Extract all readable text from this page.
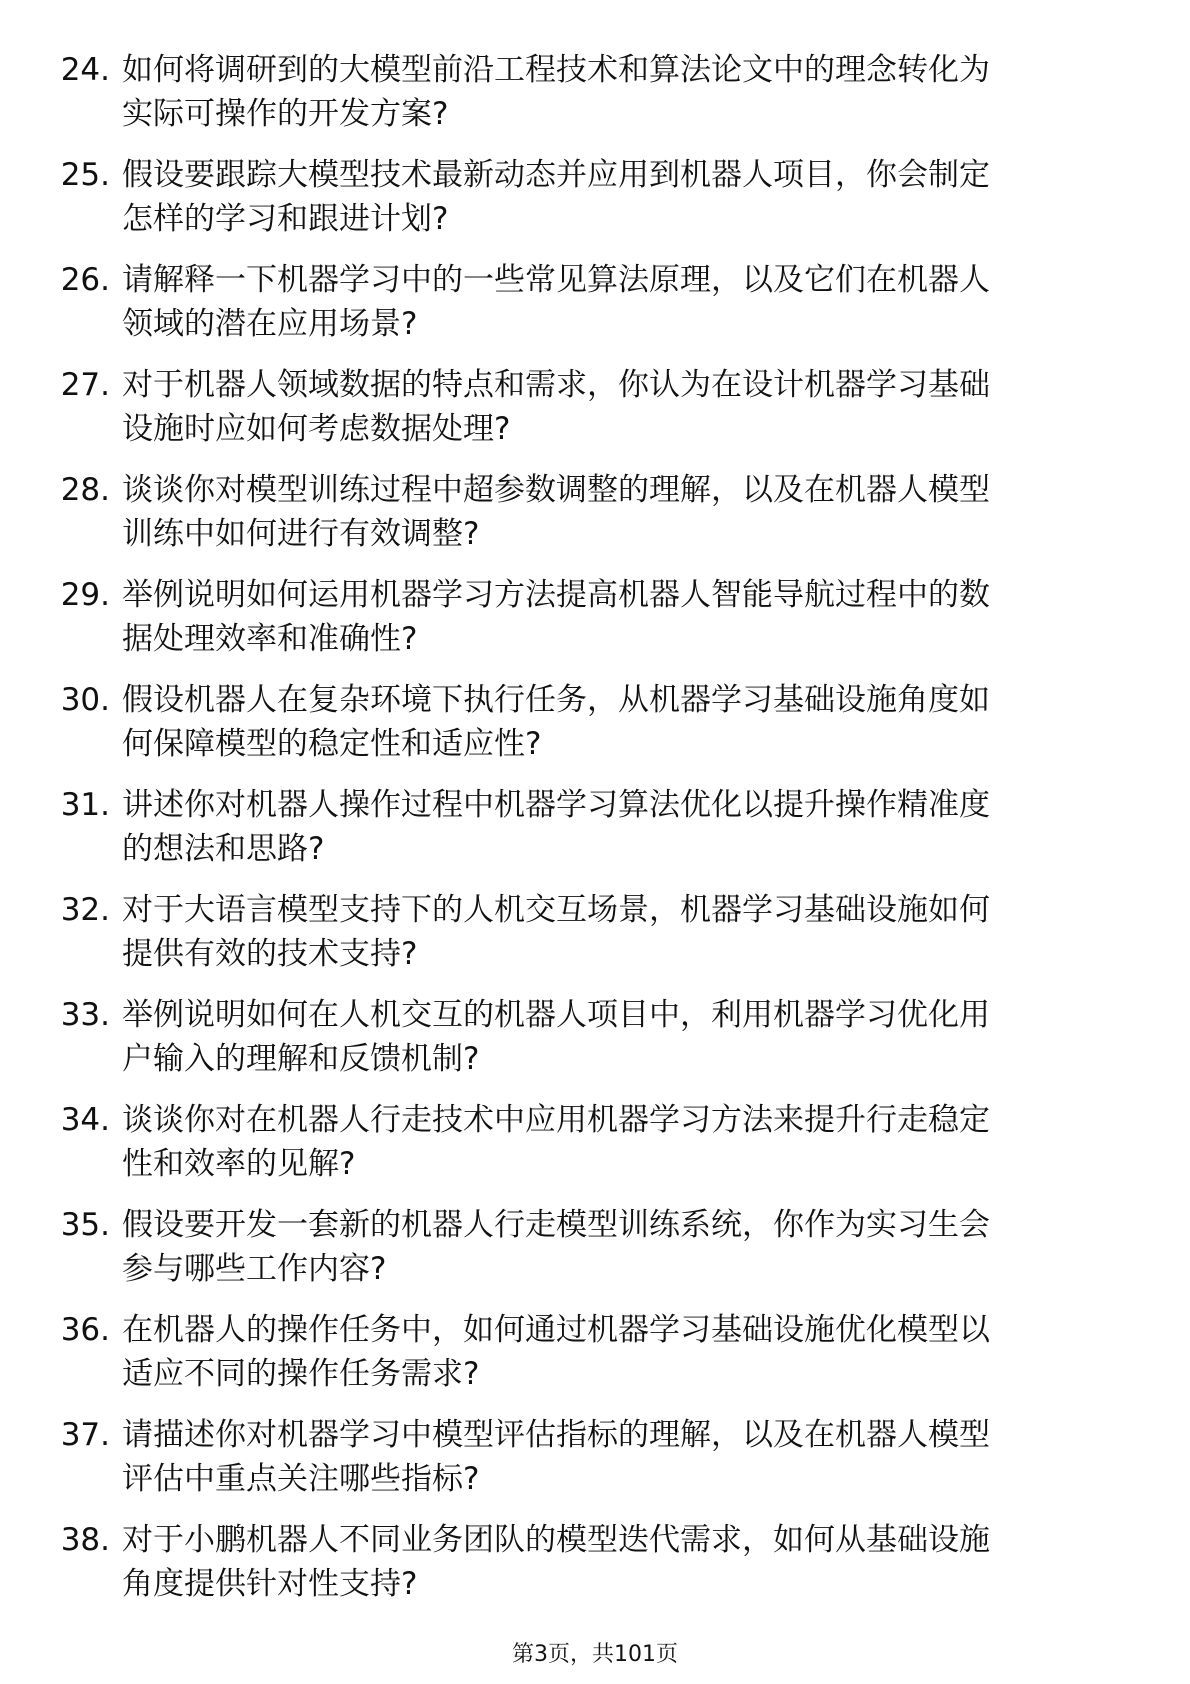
24. 如何将调研到的大模型前沿工程技术和算法论文中的理念转化为
实际可操作的开发方案?
25. 假设要跟踪大模型技术最新动态并应用到机器人项目，你会制定
怎样的学习和跟进计划?
26. 请解释一下机器学习中的一些常见算法原理，以及它们在机器人
领域的潜在应用场景?
27. 对于机器人领域数据的特点和需求，你认为在设计机器学习基础
设施时应如何考虑数据处理?
28. 谈谈你对模型训练过程中超参数调整的理解，以及在机器人模型
训练中如何进行有效调整?
29. 举例说明如何运用机器学习方法提高机器人智能导航过程中的数
据处理效率和准确性?
30. 假设机器人在复杂环境下执行任务，从机器学习基础设施角度如
何保障模型的稳定性和适应性?
31. 讲述你对机器人操作过程中机器学习算法优化以提升操作精准度
的想法和思路?
32. 对于大语言模型支持下的人机交互场景，机器学习基础设施如何
提供有效的技术支持?
33. 举例说明如何在人机交互的机器人项目中，利用机器学习优化用
户输入的理解和反馈机制?
34. 谈谈你对在机器人行走技术中应用机器学习方法来提升行走稳定
性和效率的见解?
35. 假设要开发一套新的机器人行走模型训练系统，你作为实习生会
参与哪些工作内容?
36. 在机器人的操作任务中，如何通过机器学习基础设施优化模型以
适应不同的操作任务需求?
37. 请描述你对机器学习中模型评估指标的理解，以及在机器人模型
评估中重点关注哪些指标?
38. 对于小鹏机器人不同业务团队的模型迭代需求，如何从基础设施
角度提供针对性支持?
第3页，共101页
